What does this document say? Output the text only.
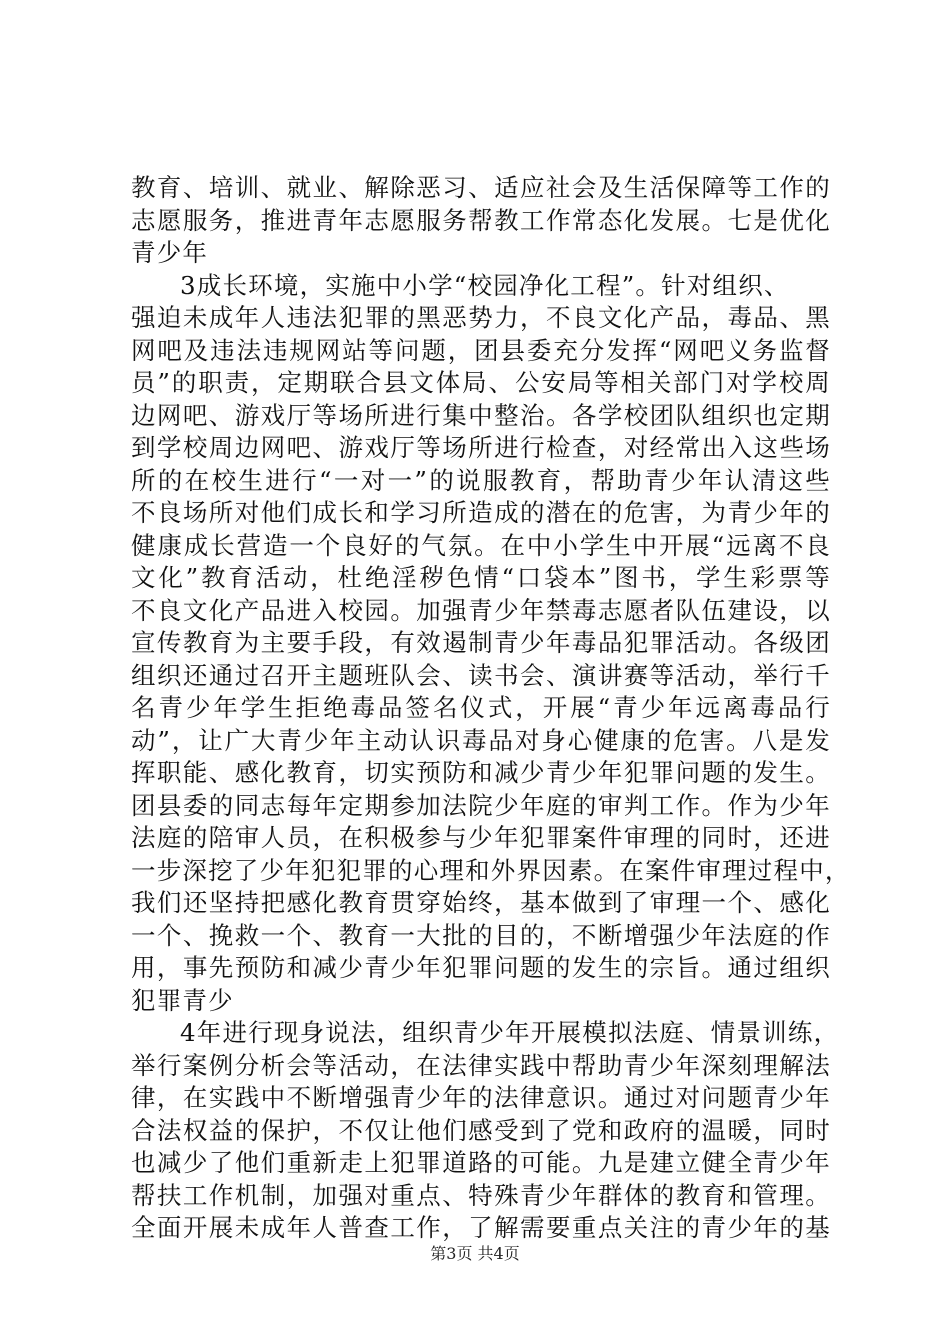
教育、培训、就业、解除恶习、适应社会及生活保障等工作的
志愿服务，推进青年志愿服务帮教工作常态化发展。七是优化
青少年
3成长环境，实施中小学“校园净化工程”。针对组织、
强迫未成年人违法犯罪的黑恶势力，不良文化产品，毒品、黑
网吧及违法违规网站等问题，团县委充分发挥“网吧义务监督
员”的职责，定期联合县文体局、公安局等相关部门对学校周
边网吧、游戏厅等场所进行集中整治。各学校团队组织也定期
到学校周边网吧、游戏厅等场所进行检查，对经常出入这些场
所的在校生进行“一对一”的说服教育，帮助青少年认清这些
不良场所对他们成长和学习所造成的潜在的危害，为青少年的
健康成长营造一个良好的气氛。在中小学生中开展“远离不良
文化”教育活动，杜绝淫秽色情“口袋本”图书，学生彩票等
不良文化产品进入校园。加强青少年禁毒志愿者队伍建设，以
宣传教育为主要手段，有效遏制青少年毒品犯罪活动。各级团
组织还通过召开主题班队会、读书会、演讲赛等活动，举行千
名青少年学生拒绝毒品签名仪式，开展“青少年远离毒品行
动”，让广大青少年主动认识毒品对身心健康的危害。八是发
挥职能、感化教育，切实预防和减少青少年犯罪问题的发生。
团县委的同志每年定期参加法院少年庭的审判工作。作为少年
法庭的陪审人员，在积极参与少年犯罪案件审理的同时，还进
一步深挖了少年犯犯罪的心理和外界因素。在案件审理过程中，
我们还坚持把感化教育贯穿始终，基本做到了审理一个、感化
一个、挽救一个、教育一大批的目的，不断增强少年法庭的作
用，事先预防和减少青少年犯罪问题的发生的宗旨。通过组织
犯罪青少
4年进行现身说法，组织青少年开展模拟法庭、情景训练，
举行案例分析会等活动，在法律实践中帮助青少年深刻理解法
律，在实践中不断增强青少年的法律意识。通过对问题青少年
合法权益的保护，不仅让他们感受到了党和政府的温暖，同时
也减少了他们重新走上犯罪道路的可能。九是建立健全青少年
帮扶工作机制，加强对重点、特殊青少年群体的教育和管理。
全面开展未成年人普查工作，了解需要重点关注的青少年的基
第3页 共4页
